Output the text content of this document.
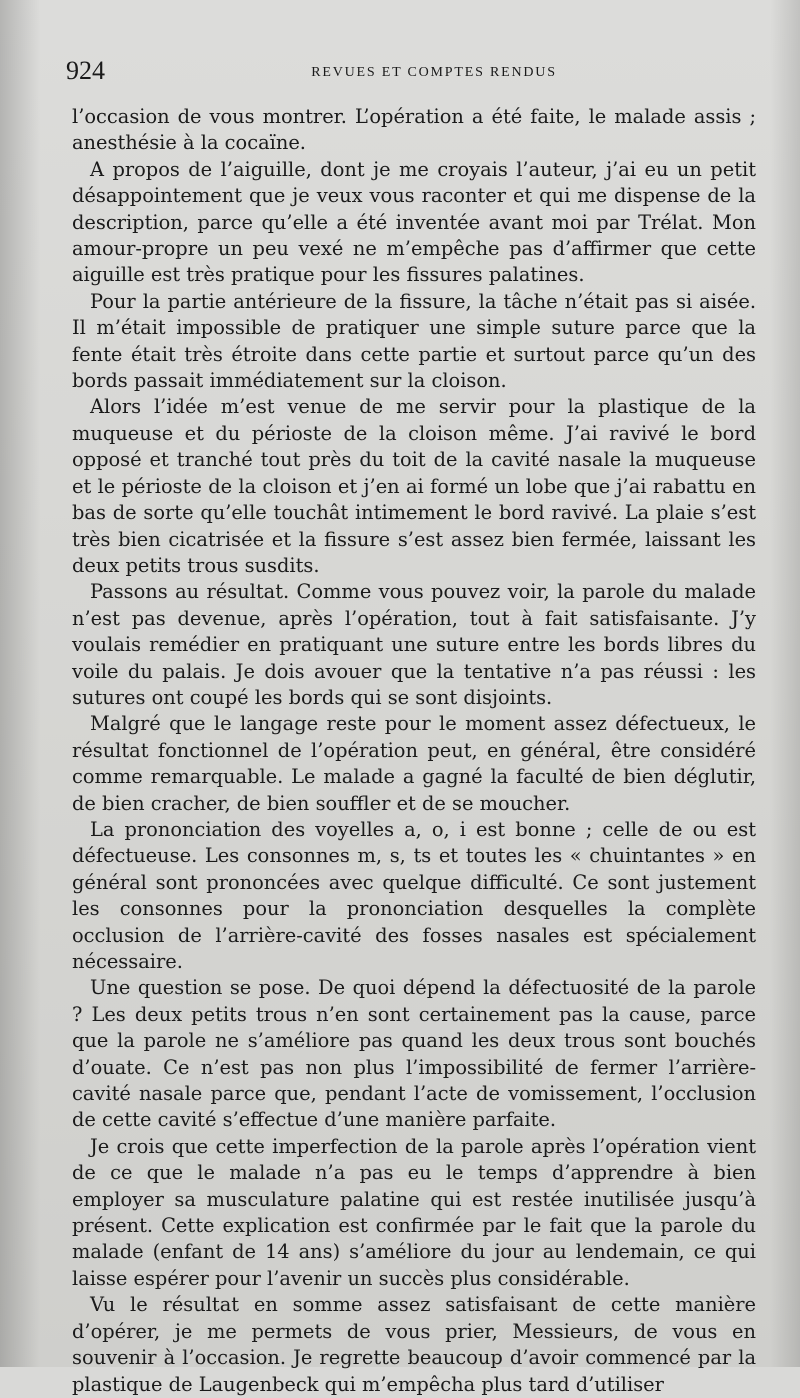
924	REVUES ET COMPTES RENDUS

l’occasion de vous montrer. L’opération a été faite, le malade assis ; anesthésie à la cocaïne.

A propos de l’aiguille, dont je me croyais l’auteur, j’ai eu un petit désappointement que je veux vous raconter et qui me dispense de la description, parce qu’elle a été inventée avant moi par Trélat. Mon amour-propre un peu vexé ne m’empêche pas d’affirmer que cette aiguille est très pratique pour les fissures palatines.

Pour la partie antérieure de la fissure, la tâche n’était pas si aisée. Il m’était impossible de pratiquer une simple suture parce que la fente était très étroite dans cette partie et surtout parce qu’un des bords passait immédiatement sur la cloison.

Alors l’idée m’est venue de me servir pour la plastique de la muqueuse et du périoste de la cloison même. J’ai ravivé le bord opposé et tranché tout près du toit de la cavité nasale la muqueuse et le périoste de la cloison et j’en ai formé un lobe que j’ai rabattu en bas de sorte qu’elle touchât intimement le bord ravivé. La plaie s’est très bien cicatrisée et la fissure s’est assez bien fermée, laissant les deux petits trous susdits.

Passons au résultat. Comme vous pouvez voir, la parole du malade n’est pas devenue, après l’opération, tout à fait satisfaisante. J’y voulais remédier en pratiquant une suture entre les bords libres du voile du palais. Je dois avouer que la tentative n’a pas réussi : les sutures ont coupé les bords qui se sont disjoints.

Malgré que le langage reste pour le moment assez défectueux, le résultat fonctionnel de l’opération peut, en général, être considéré comme remarquable. Le malade a gagné la faculté de bien déglutir, de bien cracher, de bien souffler et de se moucher.

La prononciation des voyelles a, o, i est bonne ; celle de ou est défectueuse. Les consonnes m, s, ts et toutes les « chuintantes » en général sont prononcées avec quelque difficulté. Ce sont justement les consonnes pour la prononciation desquelles la complète occlusion de l’arrière-cavité des fosses nasales est spécialement nécessaire.

Une question se pose. De quoi dépend la défectuosité de la parole ? Les deux petits trous n’en sont certainement pas la cause, parce que la parole ne s’améliore pas quand les deux trous sont bouchés d’ouate. Ce n’est pas non plus l’impossibilité de fermer l’arrière-cavité nasale parce que, pendant l’acte de vomissement, l’occlusion de cette cavité s’effectue d’une manière parfaite.

Je crois que cette imperfection de la parole après l’opération vient de ce que le malade n’a pas eu le temps d’apprendre à bien employer sa musculature palatine qui est restée inutilisée jusqu’à présent. Cette explication est confirmée par le fait que la parole du malade (enfant de 14 ans) s’améliore du jour au lendemain, ce qui laisse espérer pour l’avenir un succès plus considérable.

Vu le résultat en somme assez satisfaisant de cette manière d’opérer, je me permets de vous prier, Messieurs, de vous en souvenir à l’occasion. Je regrette beaucoup d’avoir commencé par la plastique de Laugenbeck qui m’empêcha plus tard d’utiliser
